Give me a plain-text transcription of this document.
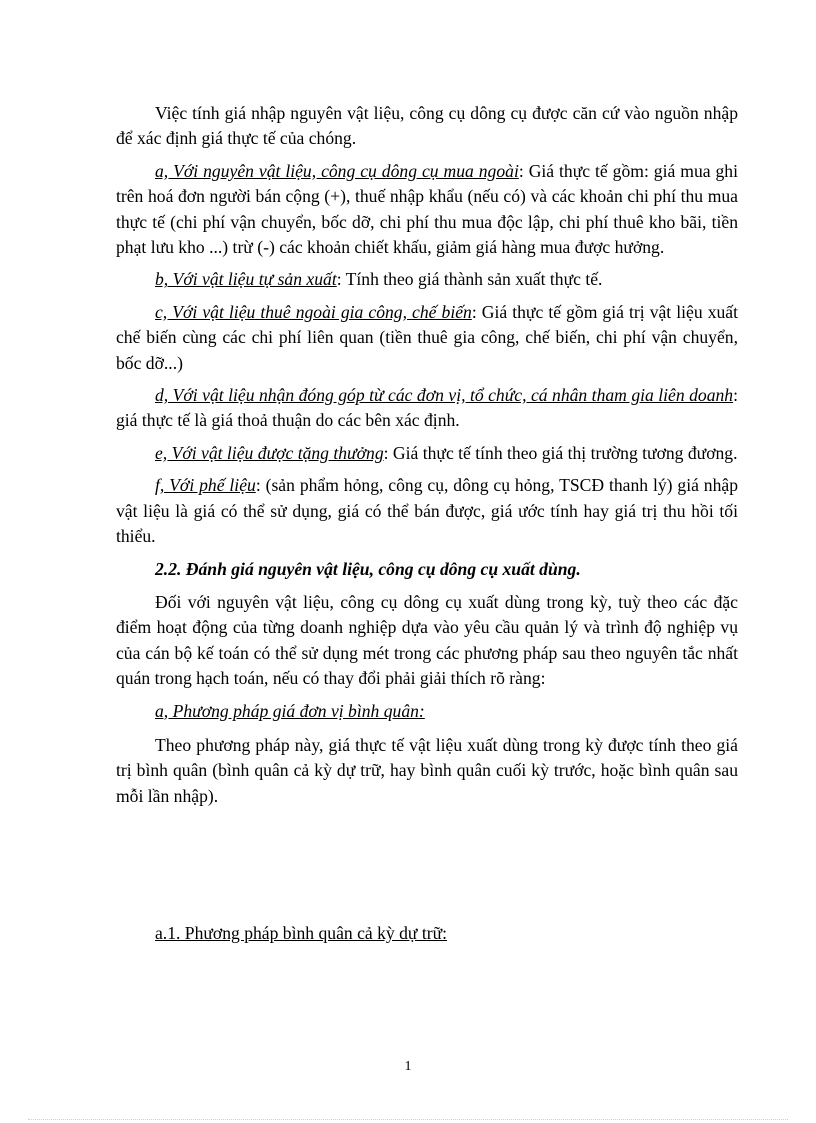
Việc tính giá nhập nguyên vật liệu, công cụ dông cụ được căn cứ vào nguồn nhập để xác định giá thực tế của chóng.

a, Với nguyên vật liệu, công cụ dông cụ mua ngoài: Giá thực tế gồm: giá mua ghi trên hoá đơn người bán cộng (+), thuế nhập khẩu (nếu có) và các khoản chi phí thu mua thực tế (chi phí vận chuyển, bốc dỡ, chi phí thu mua độc lập, chi phí thuê kho bãi, tiền phạt lưu kho ...) trừ (-) các khoản chiết khấu, giảm giá hàng mua được hưởng.

b, Với vật liệu tự sản xuất: Tính theo giá thành sản xuất thực tế.

c, Với vật liệu thuê ngoài gia công, chế biến: Giá thực tế gồm giá trị vật liệu xuất chế biến cùng các chi phí liên quan (tiền thuê gia công, chế biến, chi phí vận chuyển, bốc dỡ...)

d, Với vật liệu nhận đóng góp từ các đơn vị, tổ chức, cá nhân tham gia liên doanh: giá thực tế là giá thoả thuận do các bên xác định.

e, Với vật liệu được tặng thưởng: Giá thực tế tính theo giá thị trường tương đương.

f, Với phế liệu: (sản phẩm hỏng, công cụ, dông cụ hỏng, TSCĐ thanh lý) giá nhập vật liệu là giá có thể sử dụng, giá có thể bán được, giá ước tính hay giá trị thu hồi tối thiểu.

2.2. Đánh giá nguyên vật liệu, công cụ dông cụ xuất dùng.

Đối với nguyên vật liệu, công cụ dông cụ xuất dùng trong kỳ, tuỳ theo các đặc điểm hoạt động của từng doanh nghiệp dựa vào yêu cầu quản lý và trình độ nghiệp vụ của cán bộ kế toán có thể sử dụng mét trong các phương pháp sau theo nguyên tắc nhất quán trong hạch toán, nếu có thay đổi phải giải thích rõ ràng:

a, Phương pháp giá đơn vị bình quân:

Theo phương pháp này, giá thực tế vật liệu xuất dùng trong kỳ được tính theo giá trị bình quân (bình quân cả kỳ dự trữ, hay bình quân cuối kỳ trước, hoặc bình quân sau mỗi lần nhập).

a.1. Phương pháp bình quân cả kỳ dự trữ:

1
